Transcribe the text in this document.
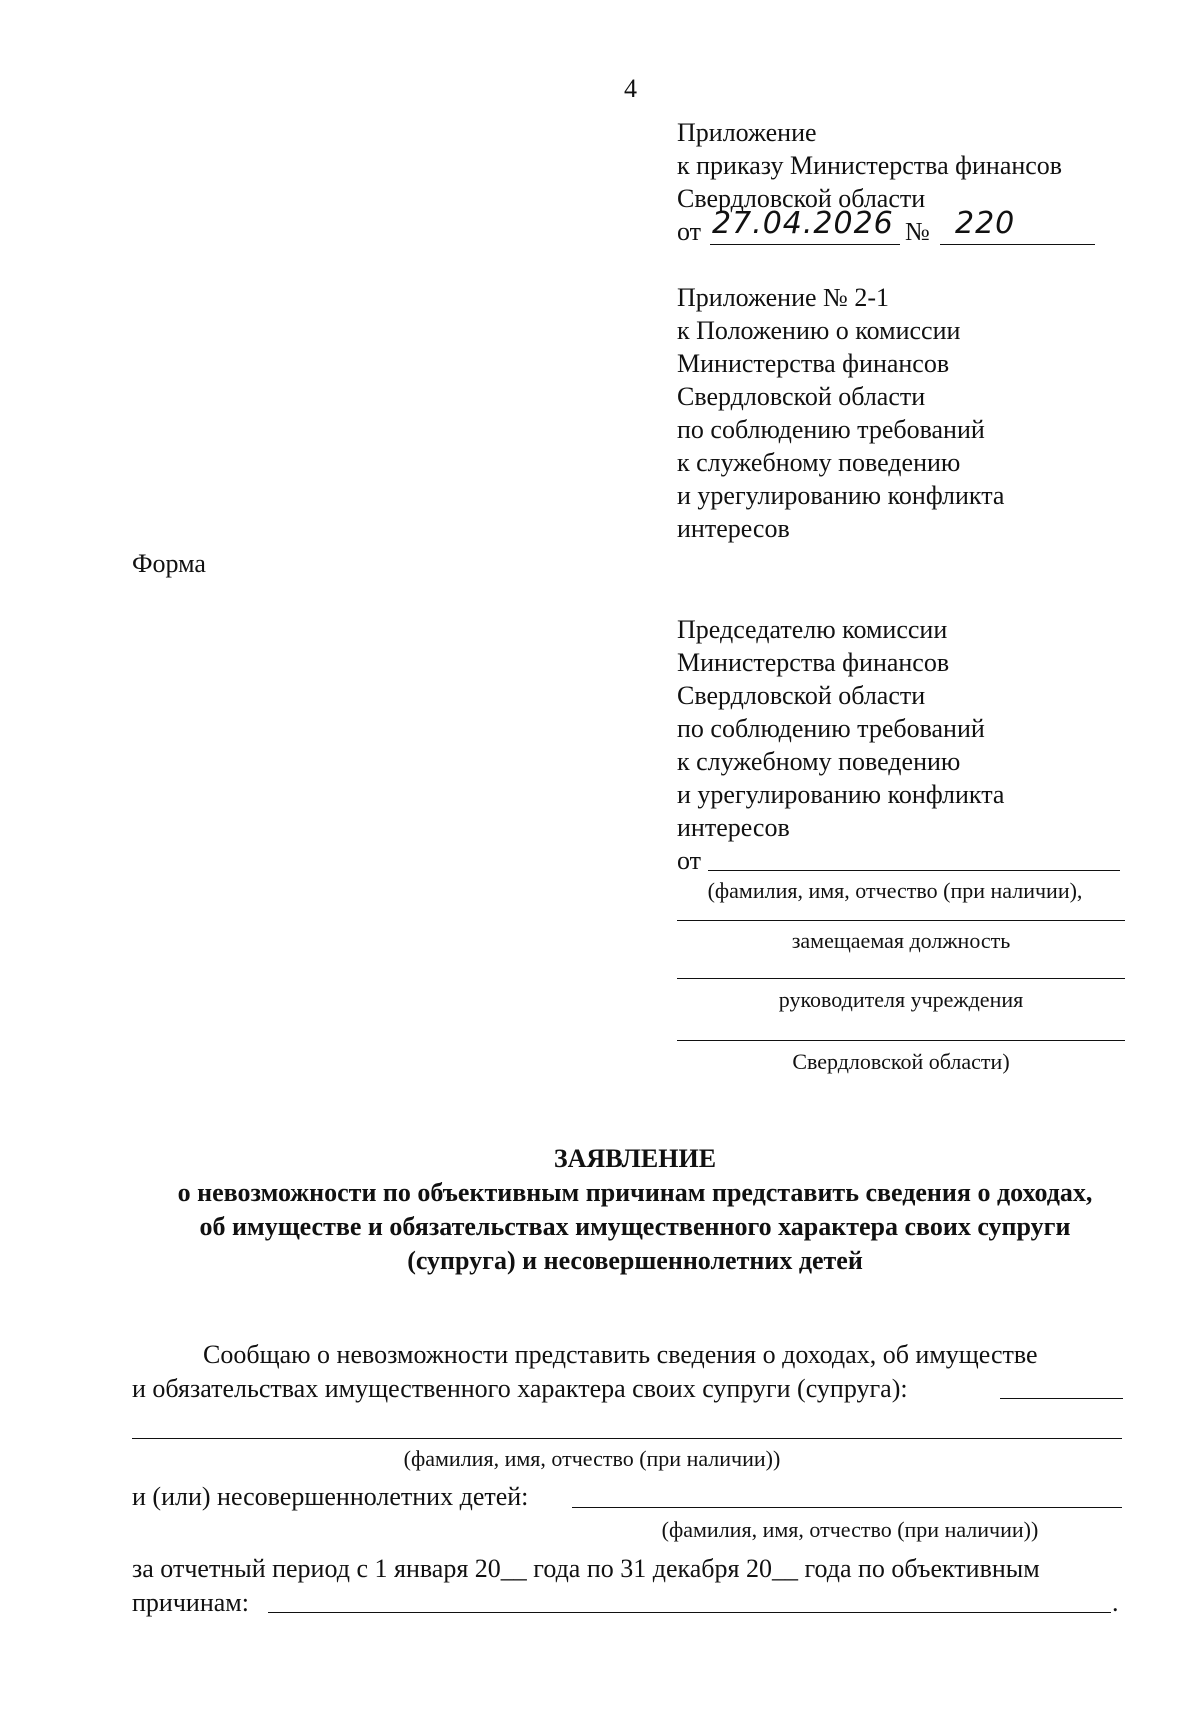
4
Приложение
к приказу Министерства финансов
Свердловской области
от 27.04.2026 № 220
Приложение № 2-1
к Положению о комиссии
Министерства финансов
Свердловской области
по соблюдению требований
к служебному поведению
и урегулированию конфликта
интересов
Форма
Председателю комиссии
Министерства финансов
Свердловской области
по соблюдению требований
к служебному поведению
и урегулированию конфликта
интересов
от
(фамилия, имя, отчество (при наличии),
замещаемая должность
руководителя учреждения
Свердловской области)
ЗАЯВЛЕНИЕ
о невозможности по объективным причинам представить сведения о доходах,
об имуществе и обязательствах имущественного характера своих супруги
(супруга) и несовершеннолетних детей
Сообщаю о невозможности представить сведения о доходах, об имуществе
и обязательствах имущественного характера своих супруги (супруга):
(фамилия, имя, отчество (при наличии))
и (или) несовершеннолетних детей:
(фамилия, имя, отчество (при наличии))
за отчетный период с 1 января 20__ года по 31 декабря 20__ года по объективным
причинам:	.
